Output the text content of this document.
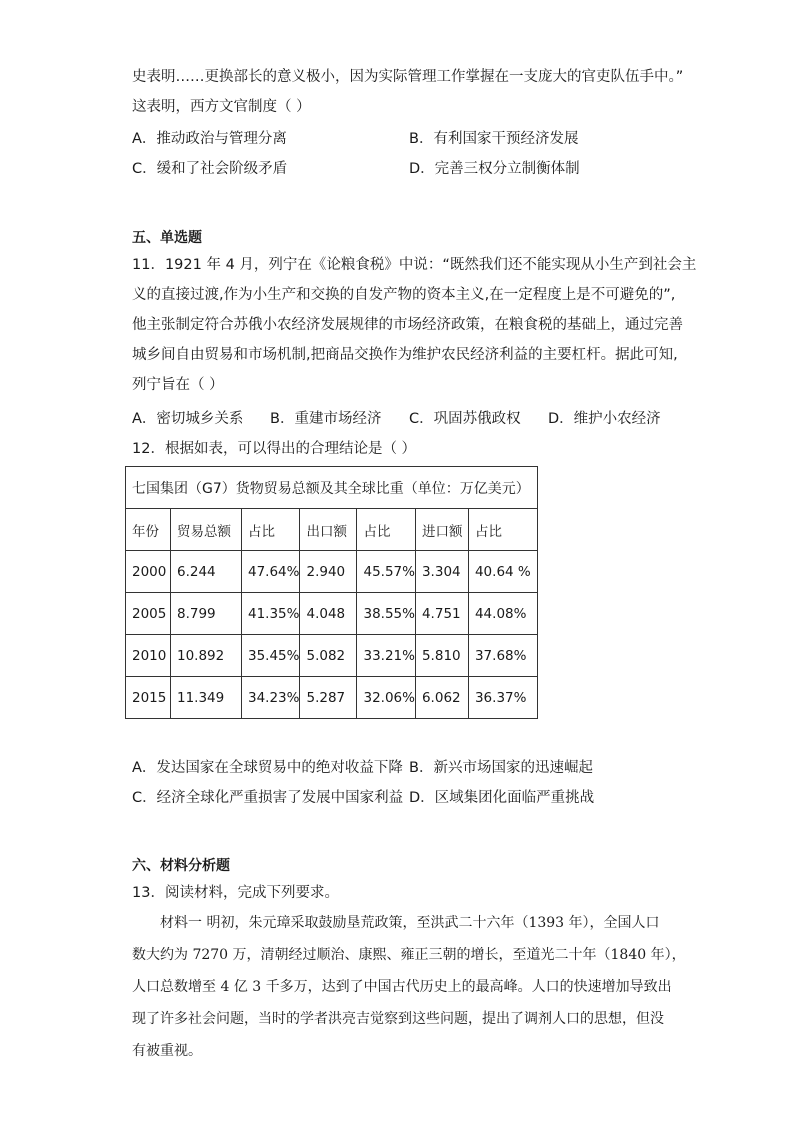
史表明……更换部长的意义极小，因为实际管理工作掌握在一支庞大的官吏队伍手中。”
这表明，西方文官制度（ ）
A．推动政治与管理分离	B．有利国家干预经济发展
C．缓和了社会阶级矛盾	D．完善三权分立制衡体制
五、单选题
11．1921 年 4 月，列宁在《论粮食税》中说：“既然我们还不能实现从小生产到社会主
义的直接过渡,作为小生产和交换的自发产物的资本主义,在一定程度上是不可避免的”,
他主张制定符合苏俄小农经济发展规律的市场经济政策，在粮食税的基础上，通过完善
城乡间自由贸易和市场机制,把商品交换作为维护农民经济利益的主要杠杆。据此可知,
列宁旨在（ ）
A．密切城乡关系 B．重建市场经济 C．巩固苏俄政权 D．维护小农经济
12．根据如表，可以得出的合理结论是（ ）
七国集团（G7）货物贸易总额及其全球比重（单位：万亿美元）						
年份	贸易总额	占比	出口额	占比	进口额	占比
2000	6.244	47.64%	2.940	45.57%	3.304	40.64 %
2005	8.799	41.35%	4.048	38.55%	4.751	44.08%
2010	10.892	35.45%	5.082	33.21%	5.810	37.68%
2015	11.349	34.23%	5.287	32.06%	6.062	36.37%
A．发达国家在全球贸易中的绝对收益下降 B．新兴市场国家的迅速崛起
C．经济全球化严重损害了发展中国家利益 D．区域集团化面临严重挑战
六、材料分析题
13．阅读材料，完成下列要求。
材料一 明初，朱元璋采取鼓励垦荒政策，至洪武二十六年（1393 年），全国人口
数大约为 7270 万，清朝经过顺治、康熙、雍正三朝的增长，至道光二十年（1840 年），
人口总数增至 4 亿 3 千多万，达到了中国古代历史上的最高峰。人口的快速增加导致出
现了许多社会问题，当时的学者洪亮吉觉察到这些问题，提出了调剂人口的思想，但没
有被重视。
